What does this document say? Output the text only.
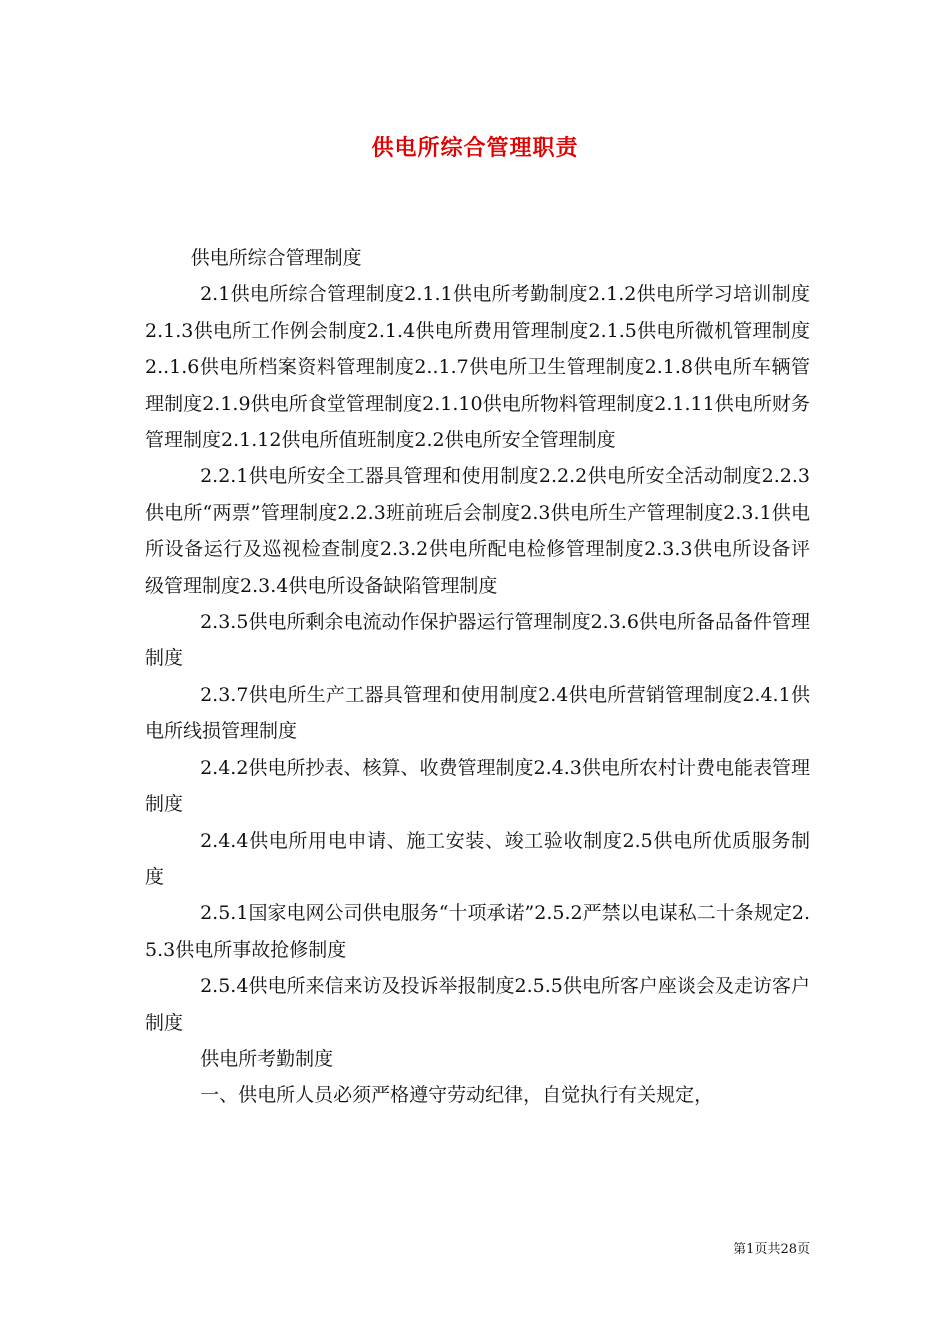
供电所综合管理职责

供电所综合管理制度

2.1供电所综合管理制度2.1.1供电所考勤制度2.1.2供电所学习培训制度2.1.3供电所工作例会制度2.1.4供电所费用管理制度2.1.5供电所微机管理制度2..1.6供电所档案资料管理制度2..1.7供电所卫生管理制度2.1.8供电所车辆管理制度2.1.9供电所食堂管理制度2.1.10供电所物料管理制度2.1.11供电所财务管理制度2.1.12供电所值班制度2.2供电所安全管理制度

2.2.1供电所安全工器具管理和使用制度2.2.2供电所安全活动制度2.2.3供电所“两票”管理制度2.2.3班前班后会制度2.3供电所生产管理制度2.3.1供电所设备运行及巡视检查制度2.3.2供电所配电检修管理制度2.3.3供电所设备评级管理制度2.3.4供电所设备缺陷管理制度

2.3.5供电所剩余电流动作保护器运行管理制度2.3.6供电所备品备件管理制度

2.3.7供电所生产工器具管理和使用制度2.4供电所营销管理制度2.4.1供电所线损管理制度

2.4.2供电所抄表、核算、收费管理制度2.4.3供电所农村计费电能表管理制度

2.4.4供电所用电申请、施工安装、竣工验收制度2.5供电所优质服务制度

2.5.1国家电网公司供电服务“十项承诺”2.5.2严禁以电谋私二十条规定2.5.3供电所事故抢修制度

2.5.4供电所来信来访及投诉举报制度2.5.5供电所客户座谈会及走访客户制度

供电所考勤制度

一、供电所人员必须严格遵守劳动纪律，自觉执行有关规定，

第1页共28页
